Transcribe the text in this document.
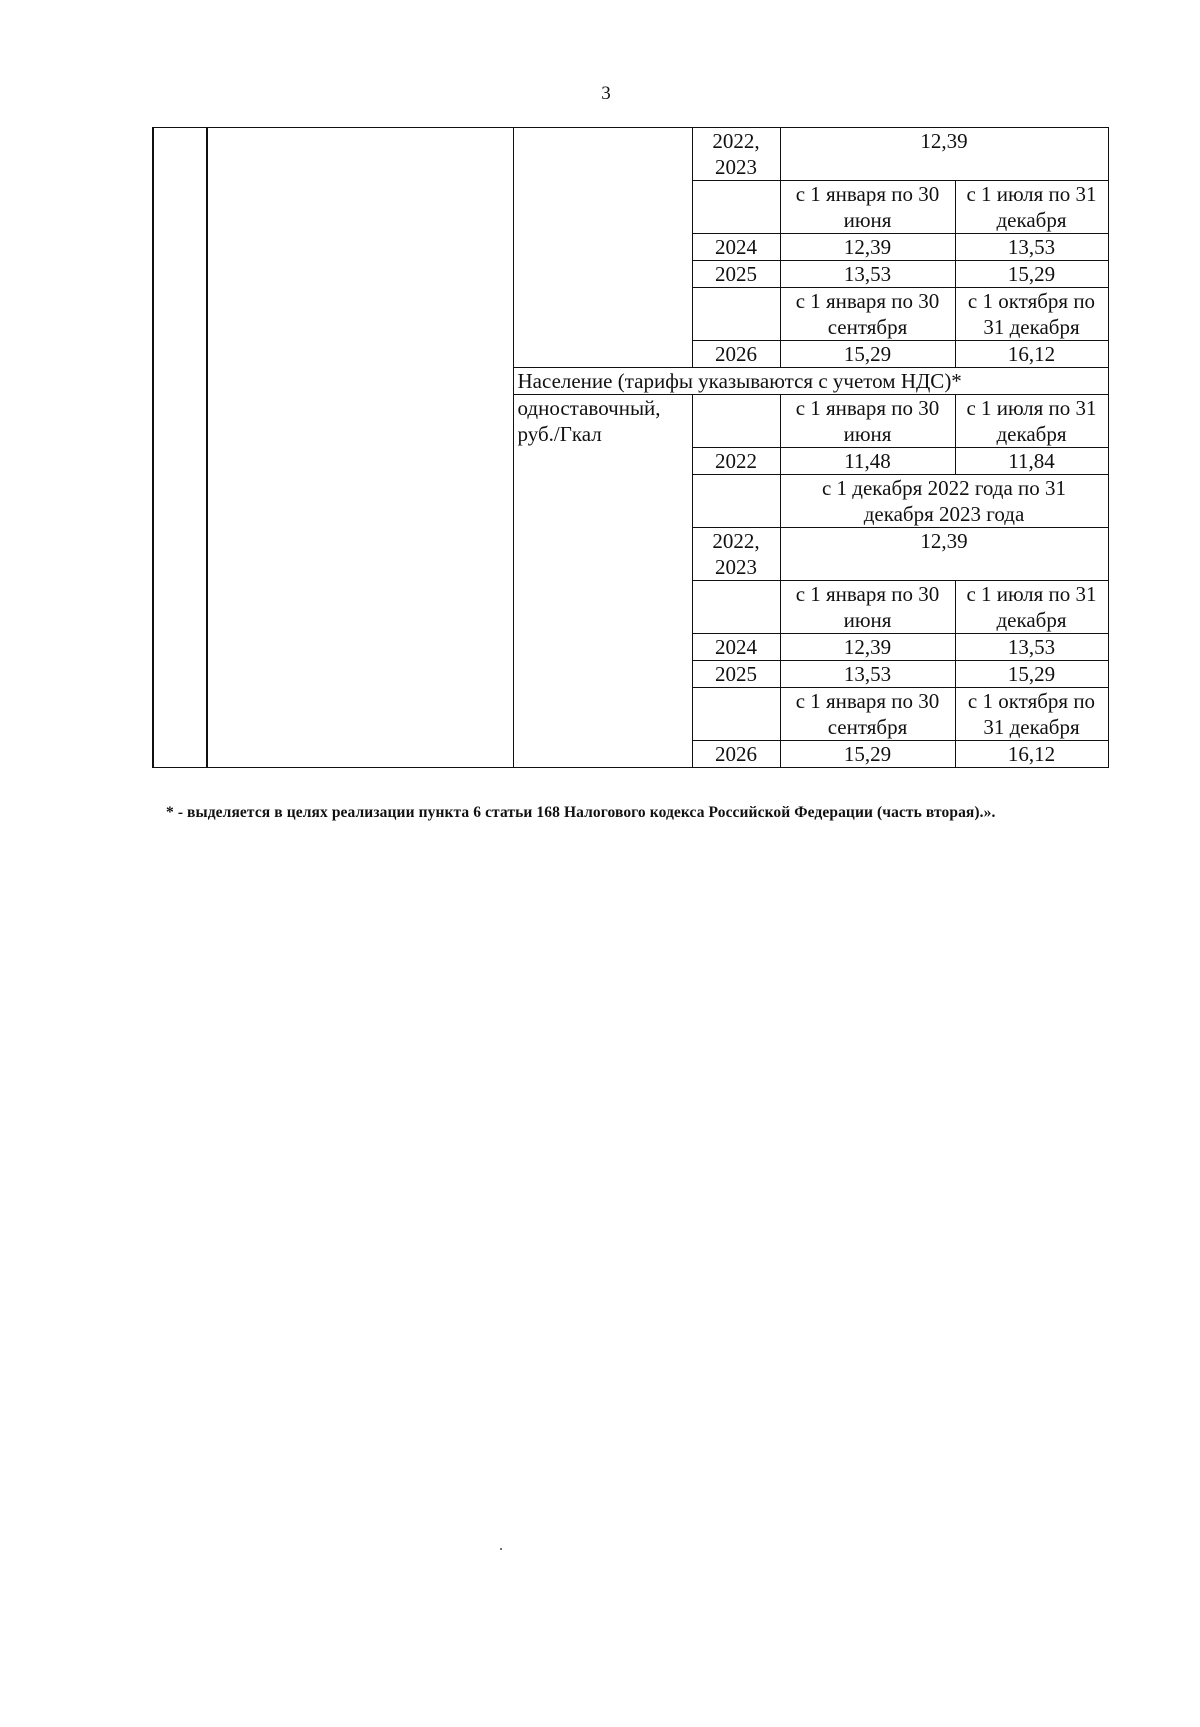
3
			2022, 2023	12,39	
				с 1 января по 30 июня	с 1 июля по 31 декабря
			2024	12,39	13,53
			2025	13,53	15,29
				с 1 января по 30 сентября	с 1 октября по 31 декабря
			2026	15,29	16,12
		Население (тарифы указываются с учетом НДС)*			
		одноставочный, руб./Гкал		с 1 января по 30 июня	с 1 июля по 31 декабря
			2022	11,48	11,84
				с 1 декабря 2022 года по 31 декабря 2023 года	
			2022, 2023	12,39	
				с 1 января по 30 июня	с 1 июля по 31 декабря
			2024	12,39	13,53
			2025	13,53	15,29
				с 1 января по 30 сентября	с 1 октября по 31 декабря
			2026	15,29	16,12
* - выделяется в целях реализации пункта 6 статьи 168 Налогового кодекса Российской Федерации (часть вторая).».
